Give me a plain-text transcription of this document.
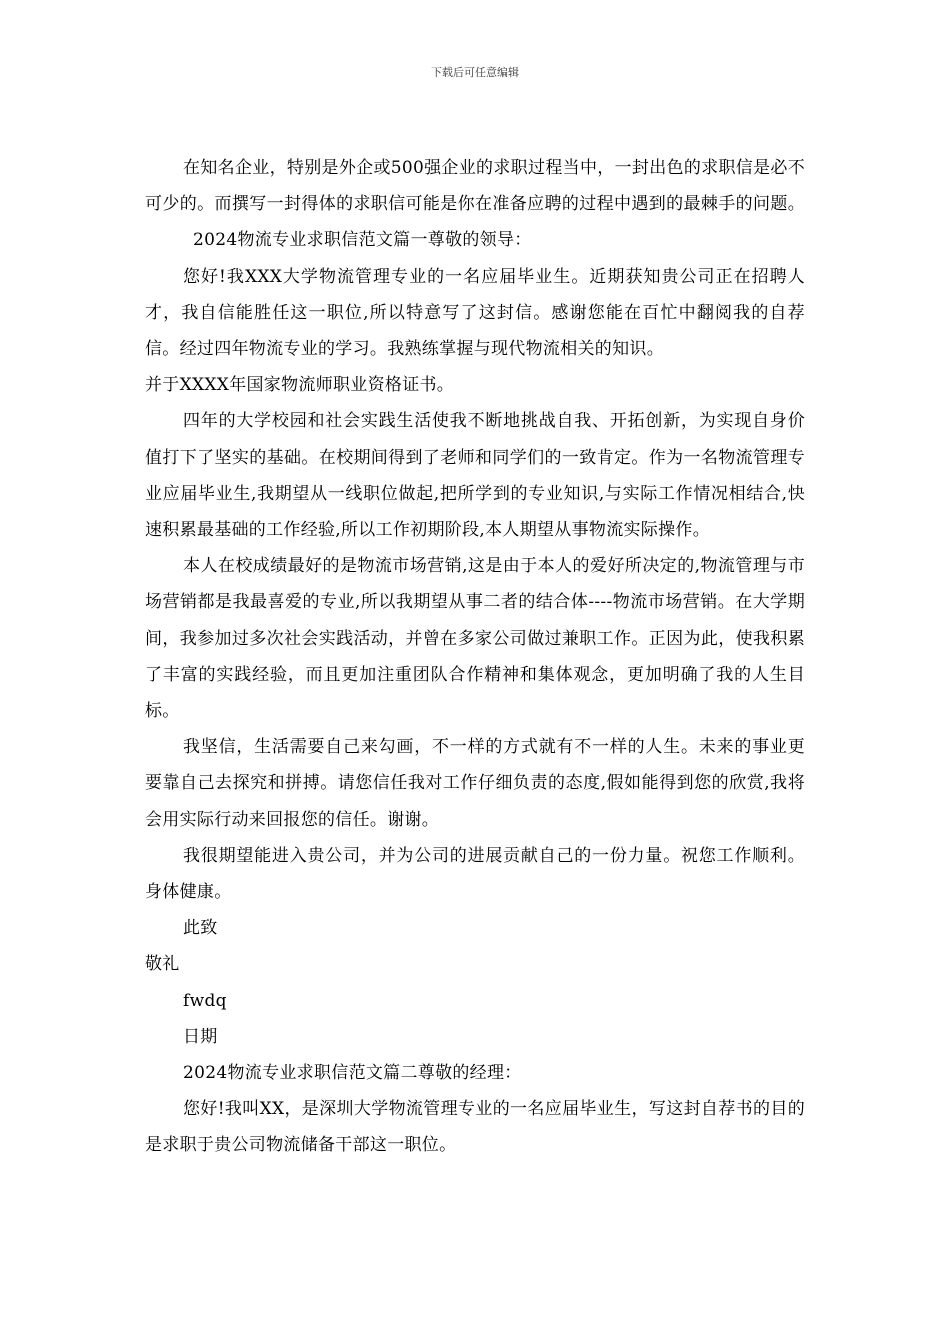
下载后可任意编辑

在知名企业，特别是外企或500强企业的求职过程当中，一封出色的求职信是必不可少的。而撰写一封得体的求职信可能是你在准备应聘的过程中遇到的最棘手的问题。2024物流专业求职信范文篇一尊敬的领导：

您好!我XXX大学物流管理专业的一名应届毕业生。近期获知贵公司正在招聘人才，我自信能胜任这一职位,所以特意写了这封信。感谢您能在百忙中翻阅我的自荐信。经过四年物流专业的学习。我熟练掌握与现代物流相关的知识。

并于XXXX年国家物流师职业资格证书。

四年的大学校园和社会实践生活使我不断地挑战自我、开拓创新，为实现自身价值打下了坚实的基础。在校期间得到了老师和同学们的一致肯定。作为一名物流管理专业应届毕业生,我期望从一线职位做起,把所学到的专业知识,与实际工作情况相结合,快速积累最基础的工作经验,所以工作初期阶段,本人期望从事物流实际操作。

本人在校成绩最好的是物流市场营销,这是由于本人的爱好所决定的,物流管理与市场营销都是我最喜爱的专业,所以我期望从事二者的结合体----物流市场营销。在大学期间，我参加过多次社会实践活动，并曾在多家公司做过兼职工作。正因为此，使我积累了丰富的实践经验，而且更加注重团队合作精神和集体观念，更加明确了我的人生目标。

我坚信，生活需要自己来勾画，不一样的方式就有不一样的人生。未来的事业更要靠自己去探究和拼搏。请您信任我对工作仔细负责的态度,假如能得到您的欣赏,我将会用实际行动来回报您的信任。谢谢。

我很期望能进入贵公司，并为公司的进展贡献自己的一份力量。祝您工作顺利。身体健康。

此致

敬礼

fwdq

日期

2024物流专业求职信范文篇二尊敬的经理：

您好!我叫XX，是深圳大学物流管理专业的一名应届毕业生，写这封自荐书的目的是求职于贵公司物流储备干部这一职位。
